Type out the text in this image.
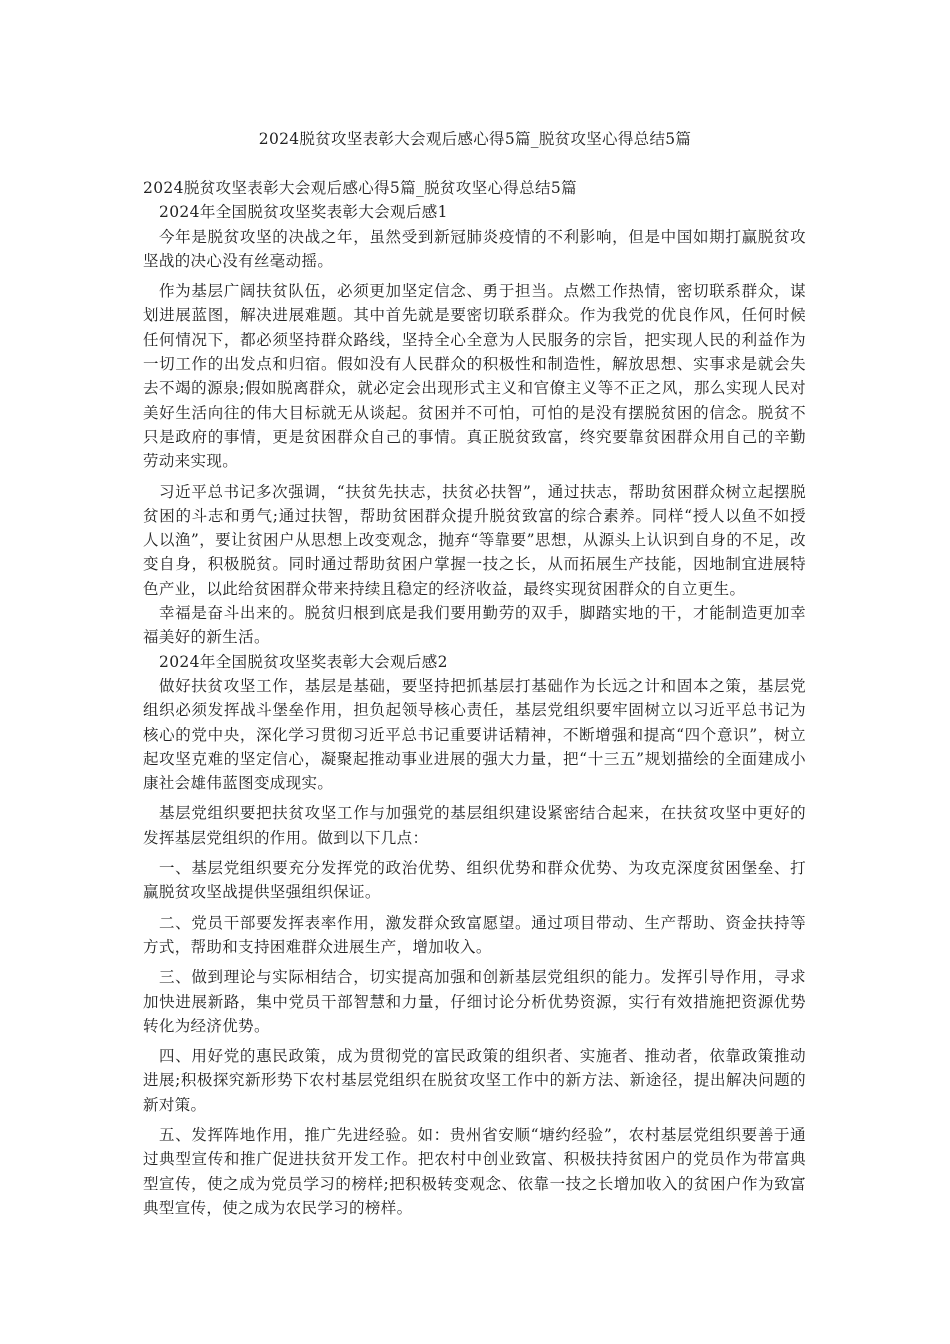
2024脱贫攻坚表彰大会观后感心得5篇_脱贫攻坚心得总结5篇

2024脱贫攻坚表彰大会观后感心得5篇_脱贫攻坚心得总结5篇

2024年全国脱贫攻坚奖表彰大会观后感1

今年是脱贫攻坚的决战之年，虽然受到新冠肺炎疫情的不利影响，但是中国如期打赢脱贫攻坚战的决心没有丝毫动摇。

作为基层广阔扶贫队伍，必须更加坚定信念、勇于担当。点燃工作热情，密切联系群众，谋划进展蓝图，解决进展难题。其中首先就是要密切联系群众。作为我党的优良作风，任何时候任何情况下，都必须坚持群众路线，坚持全心全意为人民服务的宗旨，把实现人民的利益作为一切工作的出发点和归宿。假如没有人民群众的积极性和制造性，解放思想、实事求是就会失去不竭的源泉;假如脱离群众，就必定会出现形式主义和官僚主义等不正之风，那么实现人民对美好生活向往的伟大目标就无从谈起。贫困并不可怕，可怕的是没有摆脱贫困的信念。脱贫不只是政府的事情，更是贫困群众自己的事情。真正脱贫致富，终究要靠贫困群众用自己的辛勤劳动来实现。

习近平总书记多次强调，“扶贫先扶志，扶贫必扶智”，通过扶志，帮助贫困群众树立起摆脱贫困的斗志和勇气;通过扶智，帮助贫困群众提升脱贫致富的综合素养。同样“授人以鱼不如授人以渔”，要让贫困户从思想上改变观念，抛弃“等靠要”思想，从源头上认识到自身的不足，改变自身，积极脱贫。同时通过帮助贫困户掌握一技之长，从而拓展生产技能，因地制宜进展特色产业，以此给贫困群众带来持续且稳定的经济收益，最终实现贫困群众的自立更生。

幸福是奋斗出来的。脱贫归根到底是我们要用勤劳的双手，脚踏实地的干，才能制造更加幸福美好的新生活。

2024年全国脱贫攻坚奖表彰大会观后感2

做好扶贫攻坚工作，基层是基础，要坚持把抓基层打基础作为长远之计和固本之策，基层党组织必须发挥战斗堡垒作用，担负起领导核心责任，基层党组织要牢固树立以习近平总书记为核心的党中央，深化学习贯彻习近平总书记重要讲话精神，不断增强和提高“四个意识”，树立起攻坚克难的坚定信心，凝聚起推动事业进展的强大力量，把“十三五”规划描绘的全面建成小康社会雄伟蓝图变成现实。

基层党组织要把扶贫攻坚工作与加强党的基层组织建设紧密结合起来，在扶贫攻坚中更好的发挥基层党组织的作用。做到以下几点：

一、基层党组织要充分发挥党的政治优势、组织优势和群众优势、为攻克深度贫困堡垒、打赢脱贫攻坚战提供坚强组织保证。

二、党员干部要发挥表率作用，激发群众致富愿望。通过项目带动、生产帮助、资金扶持等方式，帮助和支持困难群众进展生产，增加收入。

三、做到理论与实际相结合，切实提高加强和创新基层党组织的能力。发挥引导作用，寻求加快进展新路，集中党员干部智慧和力量，仔细讨论分析优势资源，实行有效措施把资源优势转化为经济优势。

四、用好党的惠民政策，成为贯彻党的富民政策的组织者、实施者、推动者，依靠政策推动进展;积极探究新形势下农村基层党组织在脱贫攻坚工作中的新方法、新途径，提出解决问题的新对策。

五、发挥阵地作用，推广先进经验。如：贵州省安顺“塘约经验”，农村基层党组织要善于通过典型宣传和推广促进扶贫开发工作。把农村中创业致富、积极扶持贫困户的党员作为带富典型宣传，使之成为党员学习的榜样;把积极转变观念、依靠一技之长增加收入的贫困户作为致富典型宣传，使之成为农民学习的榜样。
